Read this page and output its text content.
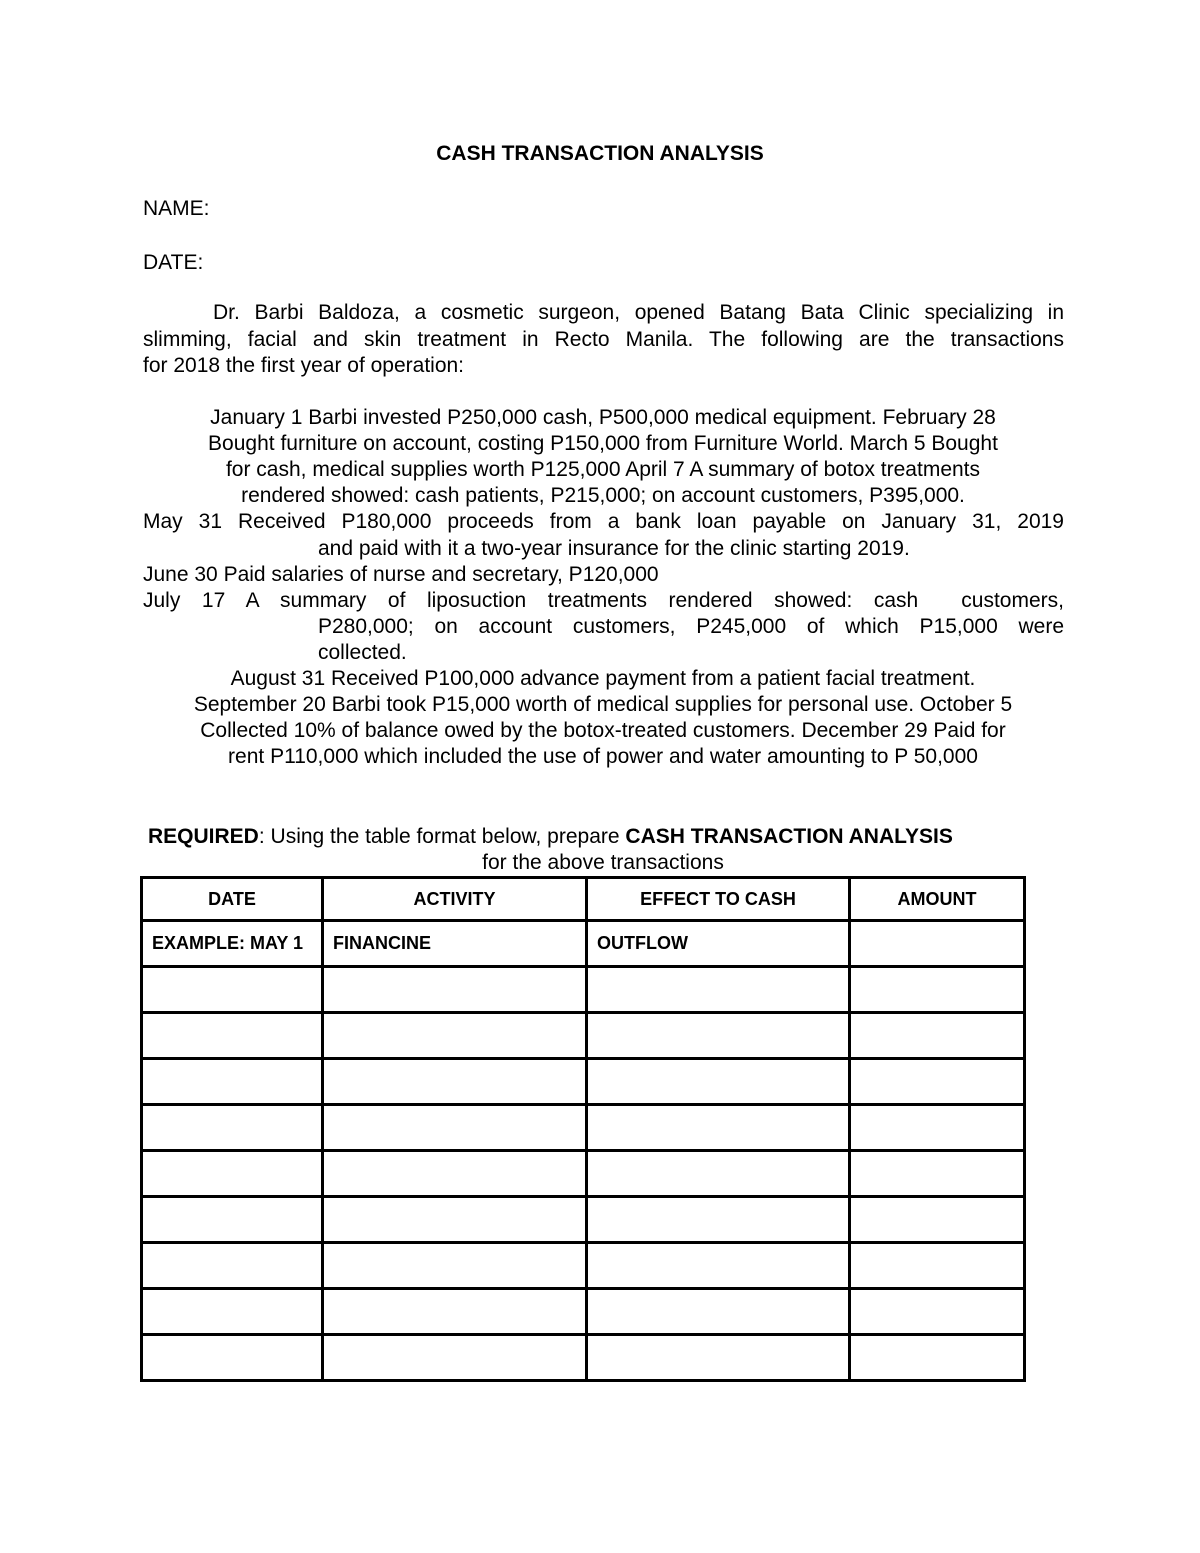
CASH TRANSACTION ANALYSIS
NAME:
DATE:
Dr. Barbi Baldoza, a cosmetic surgeon, opened Batang Bata Clinic specializing in
slimming, facial and skin treatment in Recto Manila. The following are the transactions
for 2018 the first year of operation:
January 1 Barbi invested P250,000 cash, P500,000 medical equipment. February 28
Bought furniture on account, costing P150,000 from Furniture World. March 5 Bought
for cash, medical supplies worth P125,000 April 7 A summary of botox treatments
rendered showed: cash patients, P215,000; on account customers, P395,000.
May 31 Received P180,000 proceeds from a bank loan payable on January 31, 2019
and paid with it a two-year insurance for the clinic starting 2019.
June 30 Paid salaries of nurse and secretary, P120,000
July  17  A  summary  of  liposuction  treatments  rendered  showed:  cash    customers,
P280,000; on account customers, P245,000 of which P15,000 were
collected.
August 31 Received P100,000 advance payment from a patient facial treatment.
September 20 Barbi took P15,000 worth of medical supplies for personal use. October 5
Collected 10% of balance owed by the botox-treated customers. December 29 Paid for
rent P110,000 which included the use of power and water amounting to P 50,000
REQUIRED: Using the table format below, prepare CASH TRANSACTION ANALYSIS
for the above transactions
DATE	ACTIVITY	EFFECT TO CASH	AMOUNT
EXAMPLE: MAY 1	FINANCINE	OUTFLOW	
